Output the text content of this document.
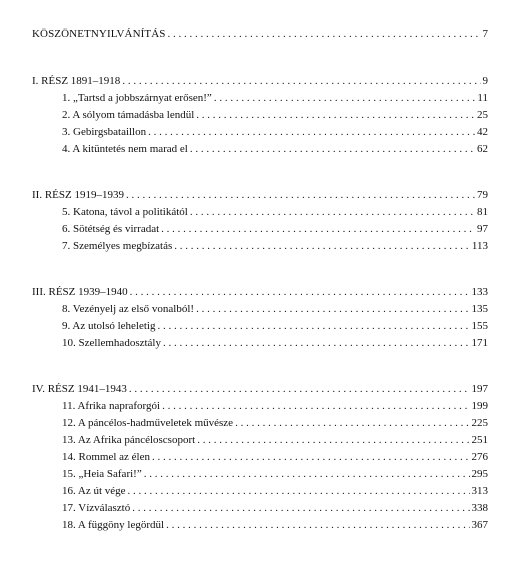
KÖSZÖNETNYILVÁNÍTÁS . . .	7
I. RÉSZ 1891–1918 . . .	9
1. „Tartsd a jobbszárnyat erősen!” . . .	11
2. A sólyom támadásba lendül . . .	25
3. Gebirgsbataillon . . .	42
4. A kitüntetés nem marad el . . .	62
II. RÉSZ 1919–1939 . . .	79
5. Katona, távol a politikától . . .	81
6. Sötétség és virradat . . .	97
7. Személyes megbízatás . . .	113
III. RÉSZ 1939–1940 . . .	133
8. Vezényelj az első vonalból! . . .	135
9. Az utolsó leheletig . . .	155
10. Szellemhadosztály . . .	171
IV. RÉSZ 1941–1943 . . .	197
11. Afrika napraforgói . . .	199
12. A páncélos-hadműveletek művésze . . .	225
13. Az Afrika páncéloscsoport . . .	251
14. Rommel az élen . . .	276
15. „Heia Safari!” . . .	295
16. Az út vége . . .	313
17. Vízválasztó . . .	338
18. A függöny legördül . . .	367
